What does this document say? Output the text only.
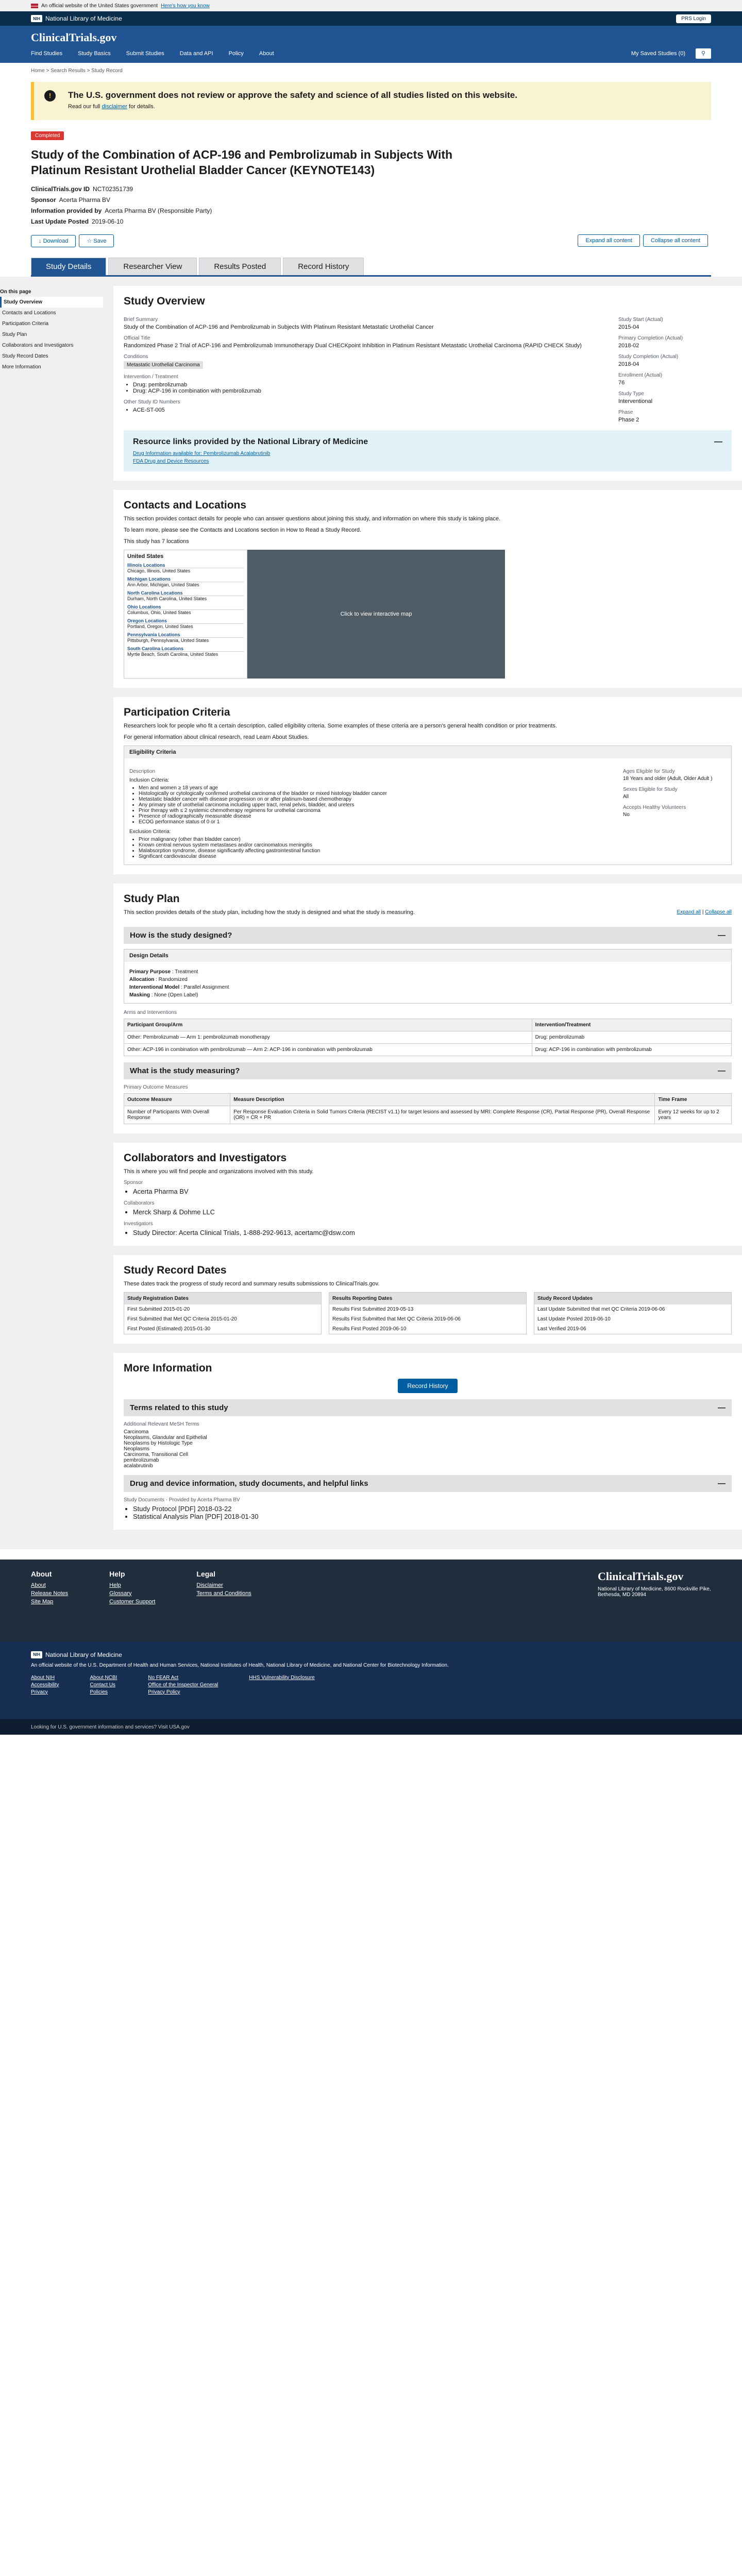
An official website of the United States government Here's how you know
NIH National Library of Medicine	PRS Login
ClinicalTrials.gov
Find Studies	Study Basics	Submit Studies	Data and API	Policy	About	My Saved Studies (0)	⚲
Home > Search Results > Study Record
!	The U.S. government does not review or approve the safety and science of all studies listed on this website.

Read our full disclaimer for details.

Completed
Study of the Combination of ACP-196 and Pembrolizumab in Subjects With Platinum Resistant Urothelial Bladder Cancer (KEYNOTE143)
ClinicalTrials.gov ID NCT02351739
Sponsor Acerta Pharma BV
Information provided by Acerta Pharma BV (Responsible Party)
Last Update Posted 2019-06-10
↓ Download	☆ Save	Expand all content	Collapse all content
Study Details	Researcher View	Results Posted	Record History
On this page
Study Overview
Contacts and Locations
Participation Criteria
Study Plan
Collaborators and Investigators
Study Record Dates
More Information
Study Overview
Brief Summary
Study of the Combination of ACP-196 and Pembrolizumab in Subjects With Platinum Resistant Metastatic Urothelial Cancer
Official Title
Randomized Phase 2 Trial of ACP-196 and Pembrolizumab Immunotherapy Dual CHECKpoint Inhibition in Platinum Resistant Metastatic Urothelial Carcinoma (RAPID CHECK Study)
Conditions
Metastatic Urothelial Carcinoma
Intervention / Treatment
• Drug: pembrolizumab
• Drug: ACP-196 in combination with pembrolizumab
Other Study ID Numbers
• ACE-ST-005
Study Start (Actual)
2015-04
Primary Completion (Actual)
2018-02
Study Completion (Actual)
2018-04
Enrollment (Actual)
76
Study Type
Interventional
Phase
Phase 2
Resource links provided by the National Library of Medicine	—
Drug Information available for: Pembrolizumab Acalabrutinib
FDA Drug and Device Resources
Contacts and Locations

This section provides contact details for people who can answer questions about joining this study, and information on where this study is taking place.

To learn more, please see the Contacts and Locations section in How to Read a Study Record.

This study has 7 locations

United States
Illinois Locations
Chicago, Illinois, United States
Michigan Locations
Ann Arbor, Michigan, United States
North Carolina Locations
Durham, North Carolina, United States
Ohio Locations
Columbus, Ohio, United States
Oregon Locations
Portland, Oregon, United States
Pennsylvania Locations
Pittsburgh, Pennsylvania, United States
South Carolina Locations
Myrtle Beach, South Carolina, United States
Click to view interactive map
Participation Criteria

Researchers look for people who fit a certain description, called eligibility criteria. Some examples of these criteria are a person's general health condition or prior treatments.

For general information about clinical research, read Learn About Studies.

Eligibility Criteria
Description
Inclusion Criteria:
• Men and women ≥ 18 years of age
• Histologically or cytologically confirmed urothelial carcinoma of the bladder or mixed histology bladder cancer
• Metastatic bladder cancer with disease progression on or after platinum-based chemotherapy
• Any primary site of urothelial carcinoma including upper tract, renal pelvis, bladder, and ureters
• Prior therapy with ≤ 2 systemic chemotherapy regimens for urothelial carcinoma
• Presence of radiographically measurable disease
• ECOG performance status of 0 or 1
Exclusion Criteria:
• Prior malignancy (other than bladder cancer)
• Known central nervous system metastases and/or carcinomatous meningitis
• Malabsorption syndrome, disease significantly affecting gastrointestinal function
• Significant cardiovascular disease
Ages Eligible for Study
18 Years and older (Adult, Older Adult )
Sexes Eligible for Study
All
Accepts Healthy Volunteers
No
Study Plan

This section provides details of the study plan, including how the study is designed and what the study is measuring.	Expand all | Collapse all
How is the study designed?	—
Design Details
Primary Purpose : Treatment
Allocation : Randomized
Interventional Model : Parallel Assignment
Masking : None (Open Label)
Arms and Interventions
Participant Group/Arm	Intervention/Treatment
Other: Pembrolizumab — Arm 1: pembrolizumab monotherapy	Drug: pembrolizumab
Other: ACP-196 in combination with pembrolizumab — Arm 2: ACP-196 in combination with pembrolizumab	Drug: ACP-196 in combination with pembrolizumab
What is the study measuring?	—
Primary Outcome Measures
Outcome Measure	Measure Description	Time Frame
Number of Participants With Overall Response	Per Response Evaluation Criteria in Solid Tumors Criteria (RECIST v1.1) for target lesions and assessed by MRI: Complete Response (CR), Partial Response (PR), Overall Response (OR) = CR + PR	Every 12 weeks for up to 2 years
Collaborators and Investigators

This is where you will find people and organizations involved with this study.

Sponsor
• Acerta Pharma BV
Collaborators
• Merck Sharp & Dohme LLC
Investigators
• Study Director: Acerta Clinical Trials, 1-888-292-9613, acertamc@dsw.com
Study Record Dates

These dates track the progress of study record and summary results submissions to ClinicalTrials.gov.

Study Registration Dates
First Submitted 2015-01-20
First Submitted that Met QC Criteria 2015-01-20
First Posted (Estimated) 2015-01-30
Results Reporting Dates
Results First Submitted 2019-05-13
Results First Submitted that Met QC Criteria 2019-06-06
Results First Posted 2019-06-10
Study Record Updates
Last Update Submitted that met QC Criteria 2019-06-06
Last Update Posted 2019-06-10
Last Verified 2019-06
More Information
Record History
Terms related to this study	—
Additional Relevant MeSH Terms
Carcinoma
Neoplasms, Glandular and Epithelial
Neoplasms by Histologic Type
Neoplasms
Carcinoma, Transitional Cell
pembrolizumab
acalabrutinib
Drug and device information, study documents, and helpful links	—
Study Documents · Provided by Acerta Pharma BV
• Study Protocol [PDF] 2018-03-22
• Statistical Analysis Plan [PDF] 2018-01-30
About
About
Release Notes
Site Map
Help
Help
Glossary
Customer Support
Legal
Disclaimer
Terms and Conditions
ClinicalTrials.gov
National Library of Medicine, 8600 Rockville Pike, Bethesda, MD 20894
NIH National Library of Medicine

An official website of the U.S. Department of Health and Human Services, National Institutes of Health, National Library of Medicine, and National Center for Biotechnology Information.

About NIH
Accessibility
Privacy
About NCBI
Contact Us
Policies
No FEAR Act
Office of the Inspector General
Privacy Policy
HHS Vulnerability Disclosure
Looking for U.S. government information and services? Visit USA.gov
